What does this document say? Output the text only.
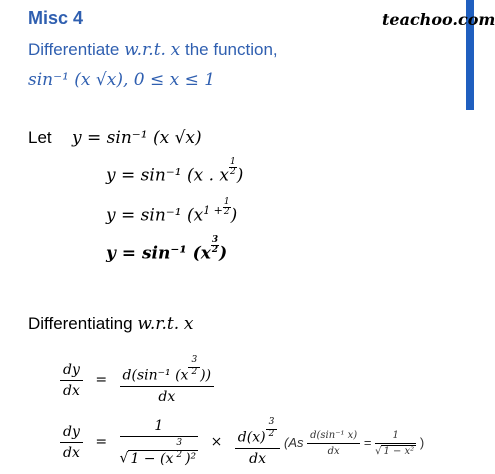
Misc 4	teachoo.com
Differentiate w.r.t. x the function,
sin⁻¹ (x √x), 0 ≤ x ≤ 1
Let y = sin⁻¹ (x √x)
y = sin⁻¹ (x . x $\frac{1}{2}$ )
y = sin⁻¹ ($x^{1 +} \frac{1}{2}$ )
y = sin⁻¹ ($x \frac{3}{2}$ )
Differentiating w.r.t. x
$\frac{dy}{dx} = \frac{d(\sin^{-1} (x \frac{3}{2} ))}{dx}$
$\frac{dy}{dx} = \frac{1}{√ 1 - (x \frac{3}{2} )^2} \times \frac{d(x) \frac{3}{2}}{dx} (As \frac{\text{d(sin⁻¹ x)}}{dx} = \frac{1}{\text{√ 1 − x²}}$ )
